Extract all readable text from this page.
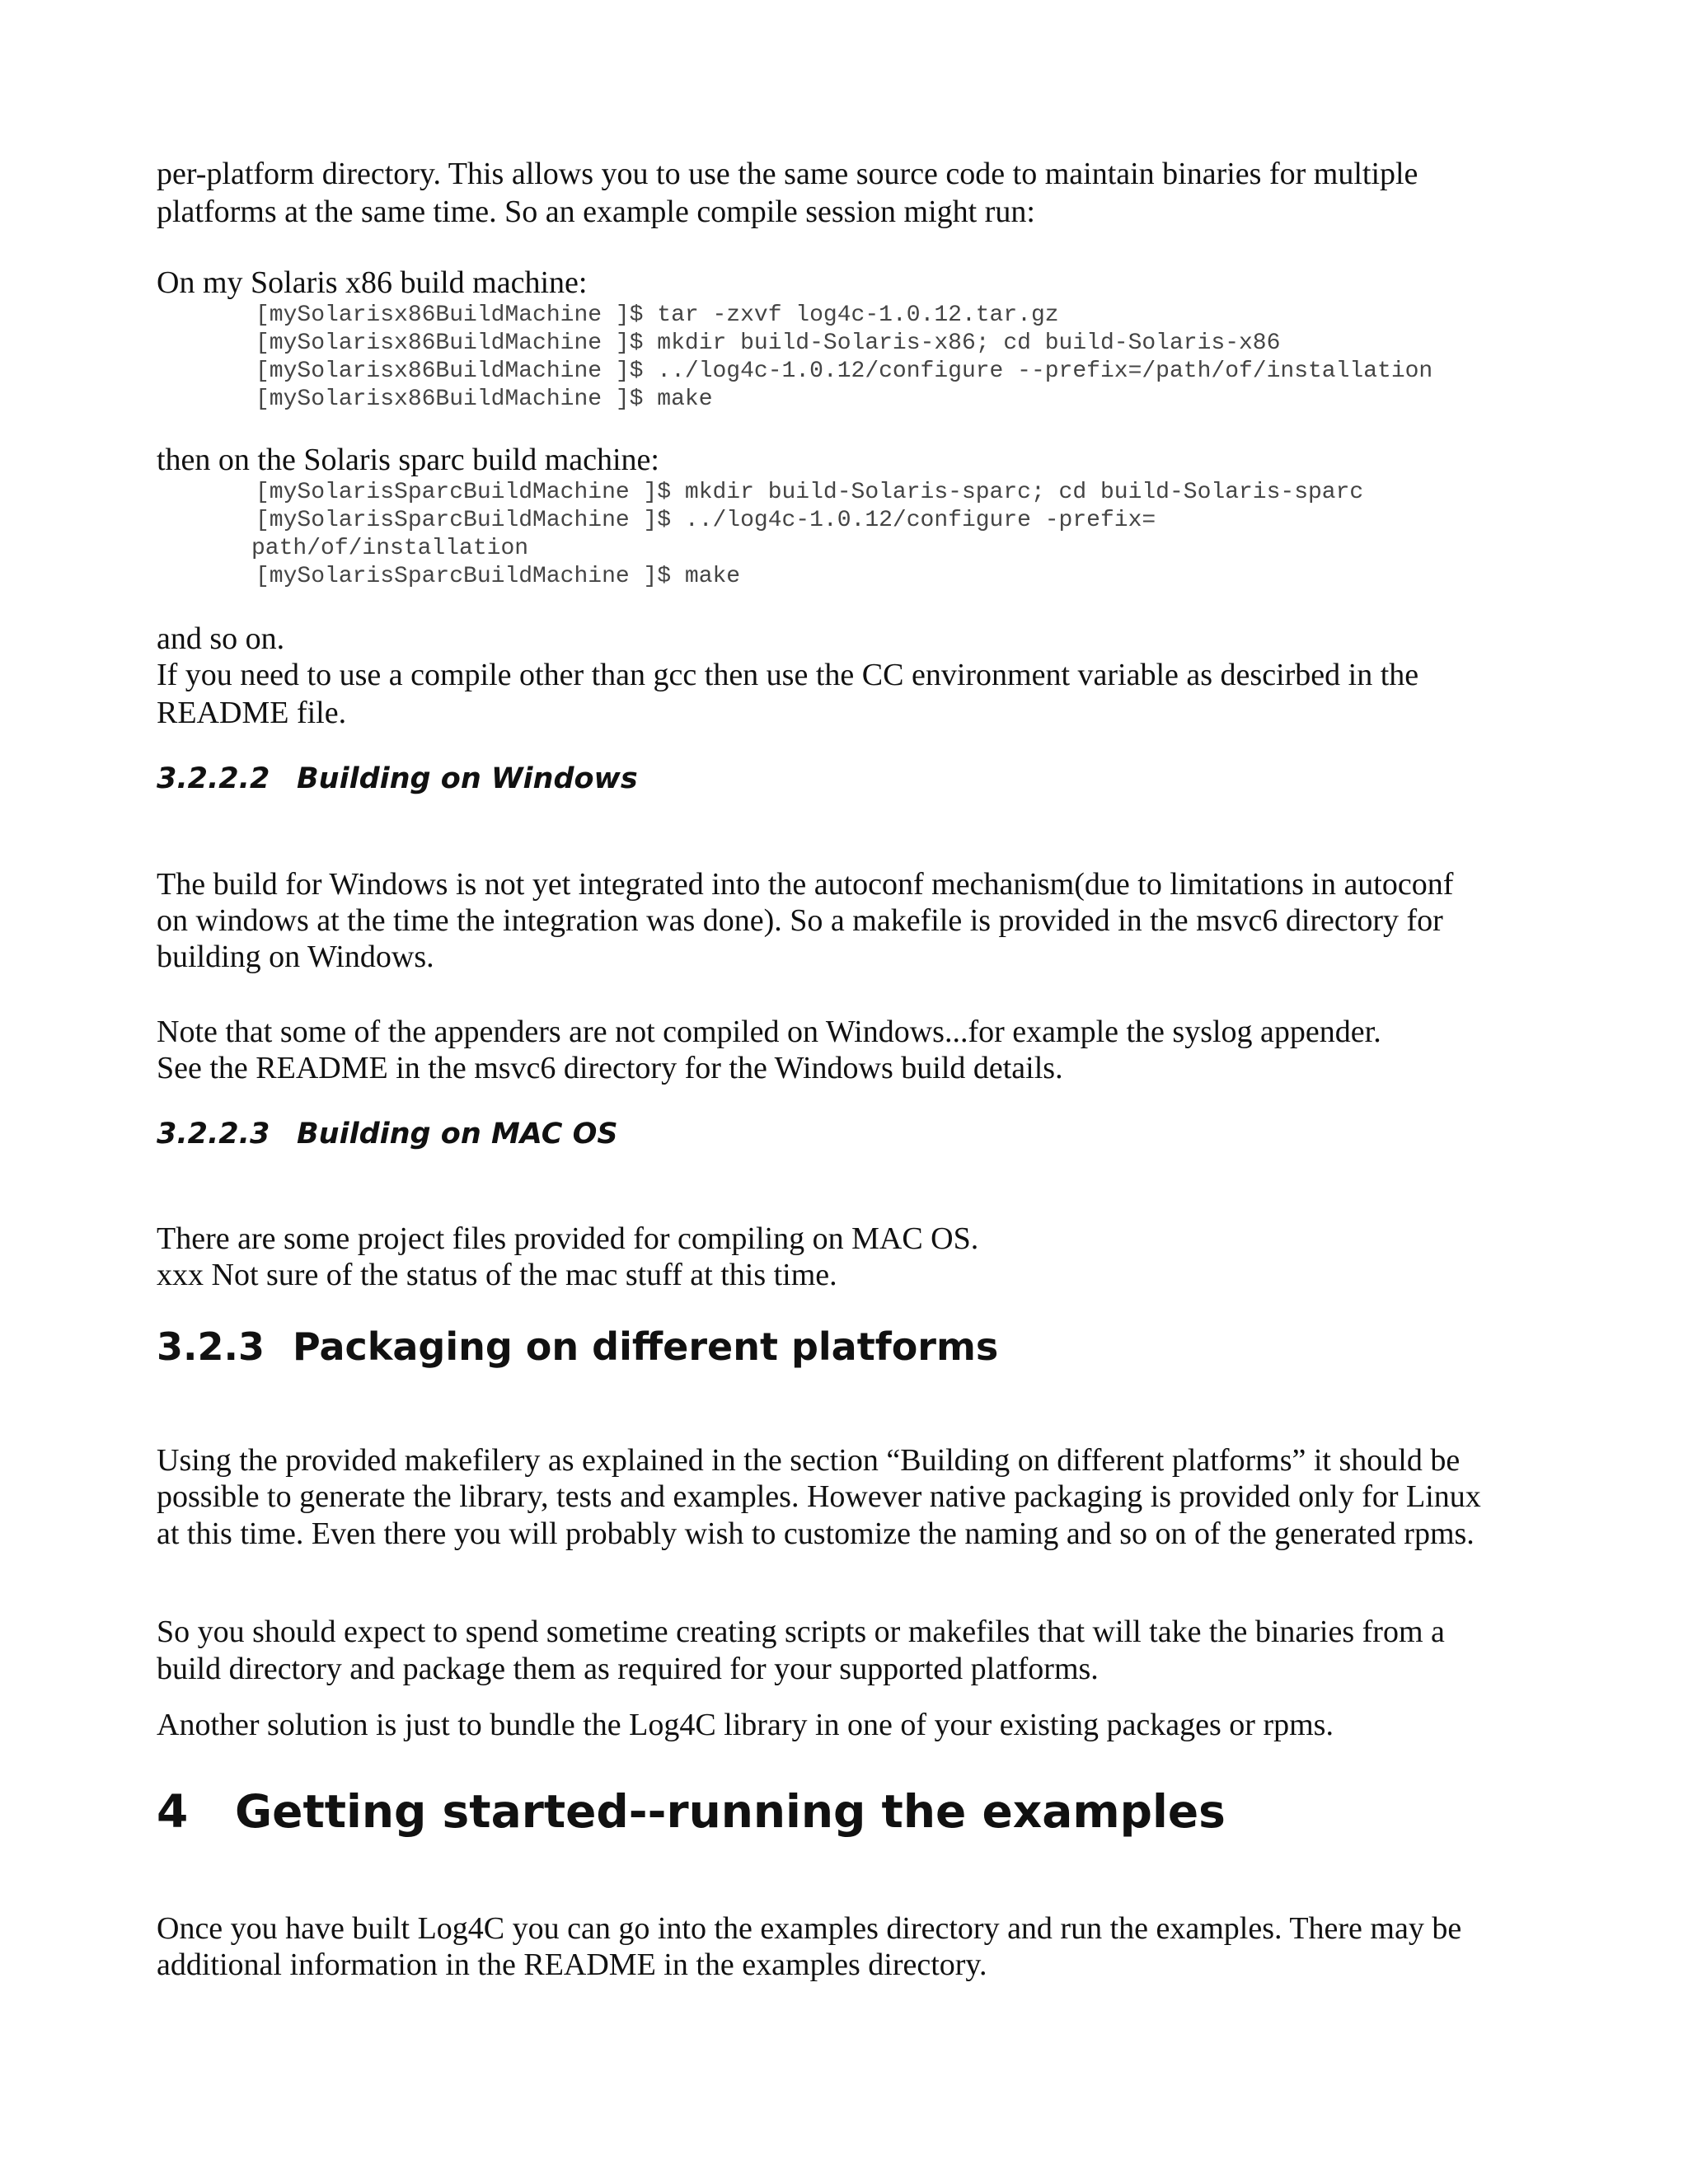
per-platform directory. This allows you to use the same source code to maintain binaries for multiple

platforms at the same time. So an example compile session might run:

On my Solaris x86 build machine:

[mySolarisx86BuildMachine ]$ tar -zxvf log4c-1.0.12.tar.gz

[mySolarisx86BuildMachine ]$ mkdir build-Solaris-x86; cd build-Solaris-x86

[mySolarisx86BuildMachine ]$ ../log4c-1.0.12/configure --prefix=/path/of/installation

[mySolarisx86BuildMachine ]$ make

then on the Solaris sparc build machine:

[mySolarisSparcBuildMachine ]$ mkdir build-Solaris-sparc; cd build-Solaris-sparc

[mySolarisSparcBuildMachine ]$ ../log4c-1.0.12/configure -prefix=

path/of/installation

[mySolarisSparcBuildMachine ]$ make

and so on.

If you need to use a compile other than gcc then use the CC environment variable as descirbed in the

README file.

3.2.2.2 Building on Windows

The build for Windows is not yet integrated into the autoconf mechanism(due to limitations in autoconf

on windows at the time the integration was done). So a makefile is provided in the msvc6 directory for

building on Windows.

Note that some of the appenders are not compiled on Windows...for example the syslog appender.

See the README in the msvc6 directory for the Windows build details.

3.2.2.3 Building on MAC OS

There are some project files provided for compiling on MAC OS.

xxx Not sure of the status of the mac stuff at this time.

3.2.3 Packaging on different platforms

Using the provided makefilery as explained in the section “Building on different platforms” it should be

possible to generate the library, tests and examples. However native packaging is provided only for Linux

at this time. Even there you will probably wish to customize the naming and so on of the generated rpms.

So you should expect to spend sometime creating scripts or makefiles that will take the binaries from a

build directory and package them as required for your supported platforms.

Another solution is just to bundle the Log4C library in one of your existing packages or rpms.

4 Getting started--running the examples

Once you have built Log4C you can go into the examples directory and run the examples. There may be

additional information in the README in the examples directory.
